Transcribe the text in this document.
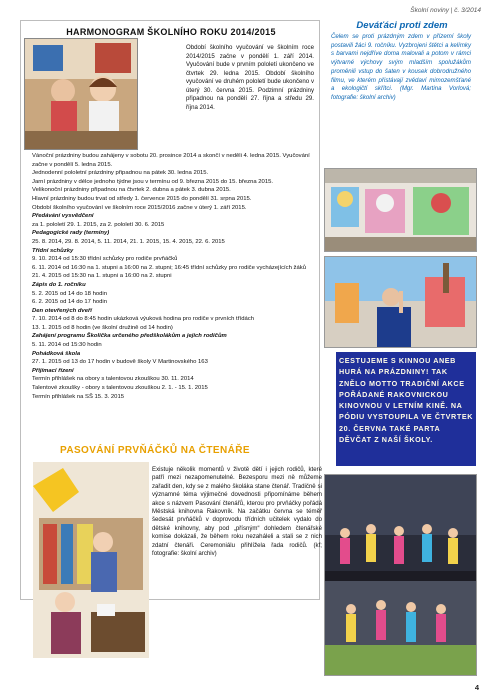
Školní noviny | č. 3/2014
HARMONOGRAM ŠKOLNÍHO ROKU 2014/2015
Období školního vyučování ve školním roce 2014/2015 začne v pondělí 1. září 2014. Vyučování bude v prvním pololetí ukončeno ve čtvrtek 29. ledna 2015. Období školního vyučování ve druhém pololetí bude ukončeno v úterý 30. června 2015. Podzimní prázdniny připadnou na pondělí 27. října a středu 29. října 2014.
Vánoční prázdniny budou zahájeny v sobotu 20. prosince 2014 a skončí v neděli 4. ledna 2015. Vyučování začne v pondělí 5. ledna 2015.
Jednodenní pololetní prázdniny připadnou na pátek 30. ledna 2015.
Jarní prázdniny v délce jednoho týdne jsou v termínu od 9. března 2015 do 15. března 2015.
Velikonoční prázdniny připadnou na čtvrtek 2. dubna a pátek 3. dubna 2015.
Hlavní prázdniny budou trvat od středy 1. července 2015 do pondělí 31. srpna 2015.
Období školního vyučování ve školním roce 2015/2016 začne v úterý 1. září 2015.
Předávání vysvědčení
za 1. pololetí 29. 1. 2015, za 2. pololetí 30. 6. 2015
Pedagogické rady (termíny)
25. 8. 2014, 29. 8. 2014, 5. 11. 2014, 21. 1. 2015, 15. 4. 2015, 22. 6. 2015
Třídní schůzky
9. 10. 2014 od 15:30 třídní schůzky pro rodiče prvňáčků
6. 11. 2014 od 16:30 na 1. stupni a 16:00 na 2. stupni; 16:45 třídní schůzky pro rodiče vycházejících žáků
21. 4. 2015 od 15:30 na 1. stupni a 16:00 na 2. stupni
Zápis do 1. ročníku
5. 2. 2015 od 14 do 18 hodin
6. 2. 2015 od 14 do 17 hodin
Den otevřených dveří
7. 10. 2014 od 8 do 8:45 hodin ukázková výuková hodina pro rodiče v prvních třídách
13. 1. 2015 od 8 hodin (ve školní družině od 14 hodin)
Zahájení programu Školička určeného předškolákům a jejich rodičům
5. 11. 2014 od 15:30 hodin
Pohádková škola
27. 1. 2015 od 13 do 17 hodin v budově školy V Martinovského 163
Přijímací řízení
Termín přihlášek na obory s talentovou zkouškou 30. 11. 2014
Talentové zkoušky - obory s talentovou zkouškou 2. 1. - 15. 1. 2015
Termín přihlášek na SŠ 15. 3. 2015
Deváťáci proti zdem
Čelem se proti prázdným zdem v přízemí školy postavili žáci 9. ročníku. Vyzbrojeni štětci a kelímky s barvami nejdříve doma malovali a potom v rámci výtvarné výchovy svým mladším spolužákům proměnili vstup do šaten v kousek dobrodružného filmu, ve kterém přistávají zvědaví mimozemšťané a ekologičtí skřítci. (Mgr. Martina Vorlová; fotografie: školní archiv)
CESTUJEME S KINNOU ANEB HURÁ NA PRÁZDNINY! TAK ZNĚLO MOTTO TRADIČNÍ AKCE POŘÁDANÉ RAKOVNICKOU KINOVNOU V LETNÍM KINĚ. NA PÓDIU VYSTOUPILA VE ČTVRTEK 20. ČERVNA TAKÉ PARTA DĚVČAT Z NAŠÍ ŠKOLY.
PASOVÁNÍ PRVŇÁČKŮ NA ČTENÁŘE
Existuje několik momentů v životě dětí i jejich rodičů, které patří mezi nezapomenutelné. Bezesporu mezi ně můžeme zařadit den, kdy se z malého školáka stane čtenář. Tradičně si významné téma výjimečné dovednosti připomínáme během akce s názvem Pasování čtenářů, kterou pro prvňáčky pořádá Městská knihovna Rakovník. Na začátku června se téměř šedesát prvňáčků v doprovodu třídních učitelek vydalo do dětské knihovny, aby pod „přísným“ dohledem čtenářské komise dokázali, že během roku nezaháleli a stali se z nich zdatní čtenáři. Ceremoniálu přihlížela řada rodičů. (kf; fotografie: školní archiv)
4
